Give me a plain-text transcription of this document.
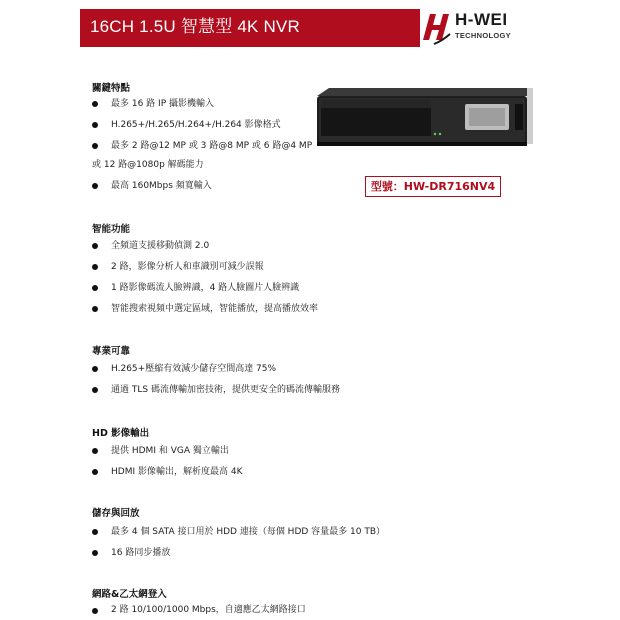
16CH 1.5U 智慧型 4K NVR	H-WEI
TECHNOLOGY
型號：HW-DR716NV4
關鍵特點
最多 16 路 IP 攝影機輸入
H.265+/H.265/H.264+/H.264 影像格式
最多 2 路@12 MP 或 3 路@8 MP 或 6 路@4 MP
或 12 路@1080p 解碼能力
最高 160Mbps 頻寬輸入
智能功能
全頻道支援移動偵測 2.0
2 路，影像分析人和車識別可減少誤報
1 路影像碼流人臉辨識，4 路人臉圖片人臉辨識
智能搜索視頻中選定區域，智能播放，提高播放效率
專業可靠
H.265+壓縮有效減少儲存空間高達 75%
通過 TLS 碼流傳輸加密技術，提供更安全的碼流傳輸服務
HD 影像輸出
提供 HDMI 和 VGA 獨立輸出
HDMI 影像輸出，解析度最高 4K
儲存與回放
最多 4 個 SATA 接口用於 HDD 連接（每個 HDD 容量最多 10 TB）
16 路同步播放
網路&乙太網登入
2 路 10/100/1000 Mbps，自適應乙太網路接口
